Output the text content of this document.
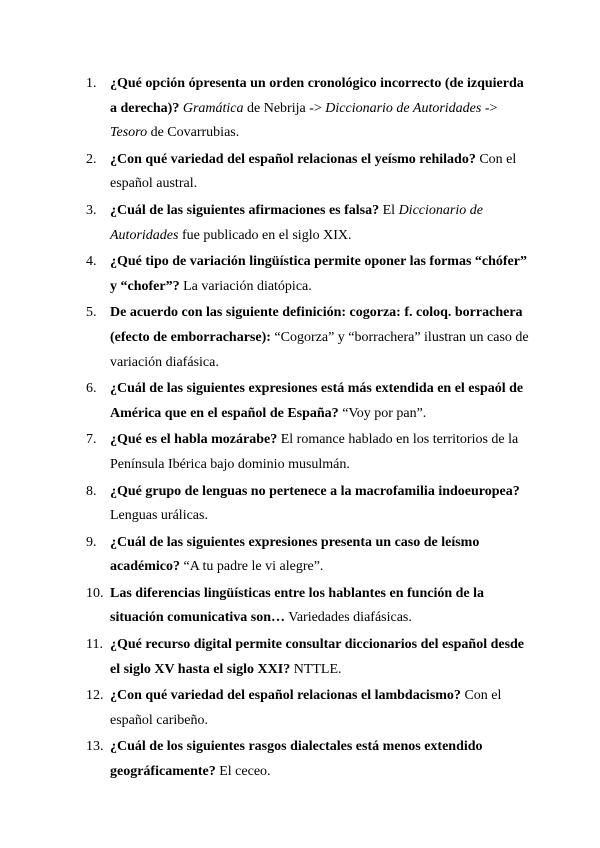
1. ¿Qué opción ópresenta un orden cronológico incorrecto (de izquierda a derecha)? Gramática de Nebrija -> Diccionario de Autoridades -> Tesoro de Covarrubias.
2. ¿Con qué variedad del español relacionas el yeísmo rehilado? Con el español austral.
3. ¿Cuál de las siguientes afirmaciones es falsa? El Diccionario de Autoridades fue publicado en el siglo XIX.
4. ¿Qué tipo de variación lingüística permite oponer las formas “chófer” y “chofer”? La variación diatópica.
5. De acuerdo con las siguiente definición: cogorza: f. coloq. borrachera (efecto de emborracharse): “Cogorza” y “borrachera” ilustran un caso de variación diafásica.
6. ¿Cuál de las siguientes expresiones está más extendida en el espaól de América que en el español de España? “Voy por pan”.
7. ¿Qué es el habla mozárabe? El romance hablado en los territorios de la Península Ibérica bajo dominio musulmán.
8. ¿Qué grupo de lenguas no pertenece a la macrofamilia indoeuropea? Lenguas urálicas.
9. ¿Cuál de las siguientes expresiones presenta un caso de leísmo académico? “A tu padre le vi alegre”.
10. Las diferencias lingüísticas entre los hablantes en función de la situación comunicativa son… Variedades diafásicas.
11. ¿Qué recurso digital permite consultar diccionarios del español desde el siglo XV hasta el siglo XXI? NTTLE.
12. ¿Con qué variedad del español relacionas el lambdacismo? Con el español caribeño.
13. ¿Cuál de los siguientes rasgos dialectales está menos extendido geográficamente? El ceceo.
